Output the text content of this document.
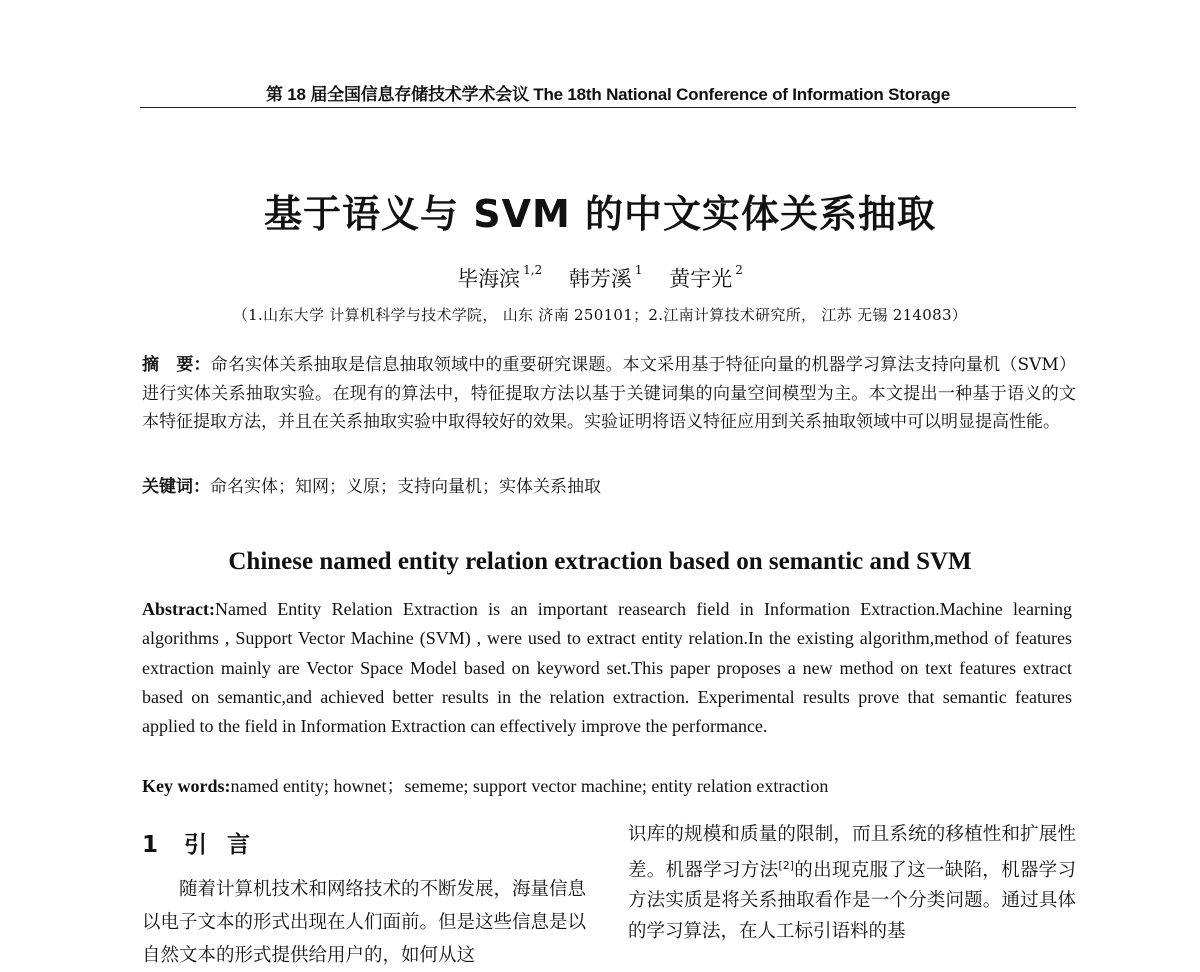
第 18 届全国信息存储技术学术会议 The 18th National Conference of Information Storage
基于语义与 SVM 的中文实体关系抽取
毕海滨 $^{1,2}$ 韩芳溪 $^1$ 黄宇光 $^2$
（1.山东大学 计算机科学与技术学院， 山东 济南 250101；2.江南计算技术研究所， 江苏 无锡 214083）
摘　要：命名实体关系抽取是信息抽取领域中的重要研究课题。本文采用基于特征向量的机器学习算法支持向量机（SVM）进行实体关系抽取实验。在现有的算法中，特征提取方法以基于关键词集的向量空间模型为主。本文提出一种基于语义的文本特征提取方法，并且在关系抽取实验中取得较好的效果。实验证明将语义特征应用到关系抽取领域中可以明显提高性能。
关键词：命名实体；知网；义原；支持向量机；实体关系抽取
Chinese named entity relation extraction based on semantic and SVM
Abstract:Named Entity Relation Extraction is an important reasearch field in Information Extraction.Machine learning algorithms , Support Vector Machine (SVM) , were used to extract entity relation.In the existing algorithm,method of features extraction mainly are Vector Space Model based on keyword set.This paper proposes a new method on text features extract based on semantic,and achieved better results in the relation extraction. Experimental results prove that semantic features applied to the field in Information Extraction can effectively improve the performance.
Key words:named entity; hownet；sememe; support vector machine; entity relation extraction
1 引言
随着计算机技术和网络技术的不断发展，海量信息以电子文本的形式出现在人们面前。但是这些信息是以自然文本的形式提供给用户的，如何从这
识库的规模和质量的限制，而且系统的移植性和扩展性差。机器学习方法[2]的出现克服了这一缺陷，机器学习方法实质是将关系抽取看作是一个分类问题。通过具体的学习算法，在人工标引语料的基
